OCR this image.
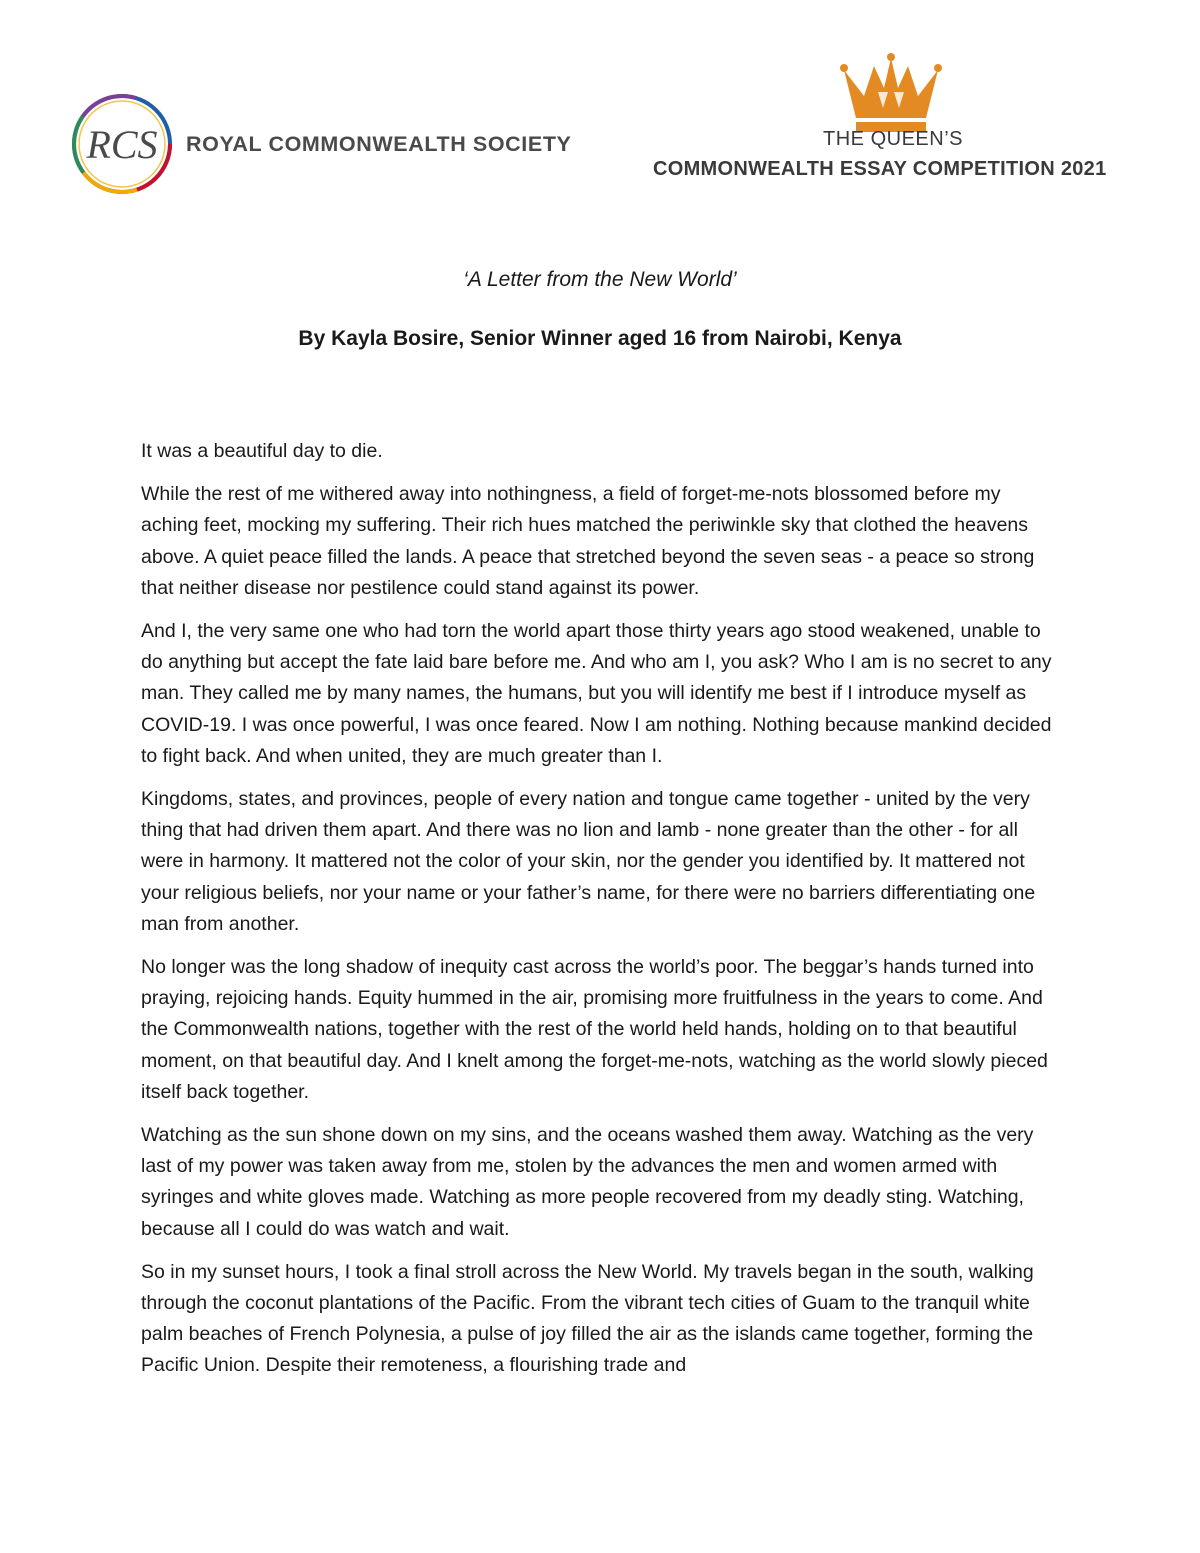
RCS ROYAL COMMONWEALTH SOCIETY	THE QUEEN’S
COMMONWEALTH ESSAY COMPETITION 2021
‘A Letter from the New World’
By Kayla Bosire, Senior Winner aged 16 from Nairobi, Kenya

It was a beautiful day to die.

While the rest of me withered away into nothingness, a field of forget-me-nots blossomed before my aching feet, mocking my suffering. Their rich hues matched the periwinkle sky that clothed the heavens above. A quiet peace filled the lands. A peace that stretched beyond the seven seas - a peace so strong that neither disease nor pestilence could stand against its power.

And I, the very same one who had torn the world apart those thirty years ago stood weakened, unable to do anything but accept the fate laid bare before me. And who am I, you ask? Who I am is no secret to any man. They called me by many names, the humans, but you will identify me best if I introduce myself as COVID-19. I was once powerful, I was once feared. Now I am nothing. Nothing because mankind decided to fight back. And when united, they are much greater than I.

Kingdoms, states, and provinces, people of every nation and tongue came together - united by the very thing that had driven them apart. And there was no lion and lamb - none greater than the other - for all were in harmony. It mattered not the color of your skin, nor the gender you identified by. It mattered not your religious beliefs, nor your name or your father’s name, for there were no barriers differentiating one man from another.

No longer was the long shadow of inequity cast across the world’s poor. The beggar’s hands turned into praying, rejoicing hands. Equity hummed in the air, promising more fruitfulness in the years to come. And the Commonwealth nations, together with the rest of the world held hands, holding on to that beautiful moment, on that beautiful day. And I knelt among the forget-me-nots, watching as the world slowly pieced itself back together.

Watching as the sun shone down on my sins, and the oceans washed them away. Watching as the very last of my power was taken away from me, stolen by the advances the men and women armed with syringes and white gloves made. Watching as more people recovered from my deadly sting. Watching, because all I could do was watch and wait.

So in my sunset hours, I took a final stroll across the New World. My travels began in the south, walking through the coconut plantations of the Pacific. From the vibrant tech cities of Guam to the tranquil white palm beaches of French Polynesia, a pulse of joy filled the air as the islands came together, forming the Pacific Union. Despite their remoteness, a flourishing trade and
